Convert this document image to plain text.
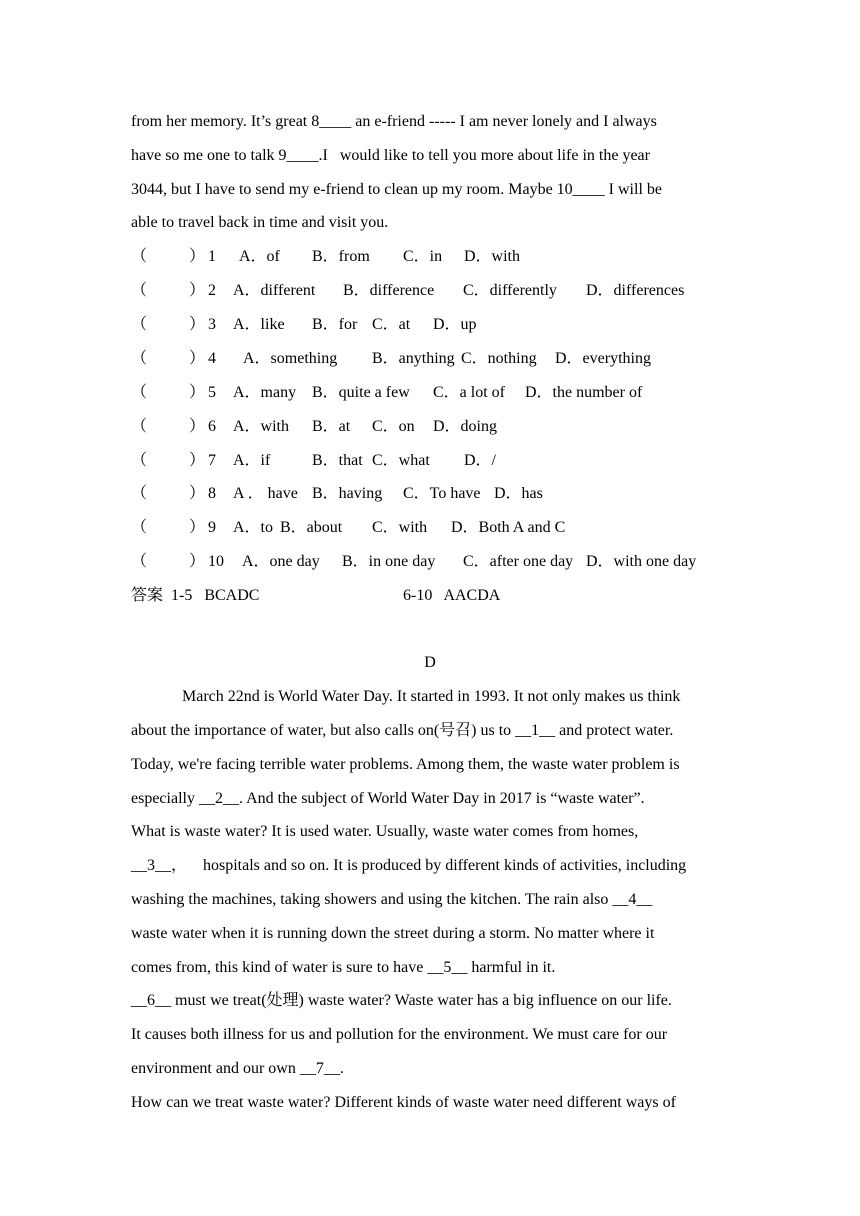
from her memory. It’s great 8____ an e-friend ----- I am never lonely and I always
have so me one to talk 9____.I   would like to tell you more about life in the year
3044, but I have to send my e-friend to clean up my room. Maybe 10____ I will be
able to travel back in time and visit you.
（	） 1 A．of B．from C．in D．with
（	） 2 A．different B．difference C．differently D．differences
（	） 3 A．like B．for C．at D．up
（	） 4 A．something B．anything C．nothing D．everything
（	） 5 A．many B．quite a few C．a lot of D．the number of
（	） 6 A．with B．at C．on D．doing
（	） 7 A．if	B．that C．what D．/
（	） 8 A ． have B．having C．To have D．has
（	） 9 A．to B．about C．with D．Both A and C
（	） 10 A．one day B．in one day C．after one day D．with one day
答案  1-5   BCADC	6-10   AACDA
D
March 22nd is World Water Day. It started in 1993. It not only makes us think
about the importance of water, but also calls on(号召) us to __1__ and protect water.
Today, we're facing terrible water problems. Among them, the waste water problem is
especially __2__. And the subject of World Water Day in 2017 is “waste water”.
What is waste water? It is used water. Usually, waste water comes from homes,
__3__，    hospitals and so on. It is produced by different kinds of activities, including
washing the machines, taking showers and using the kitchen. The rain also __4__
waste water when it is running down the street during a storm. No matter where it
comes from, this kind of water is sure to have __5__ harmful in it.
__6__ must we treat(处理) waste water? Waste water has a big influence on our life.
It causes both illness for us and pollution for the environment. We must care for our
environment and our own __7__.
How can we treat waste water? Different kinds of waste water need different ways of
